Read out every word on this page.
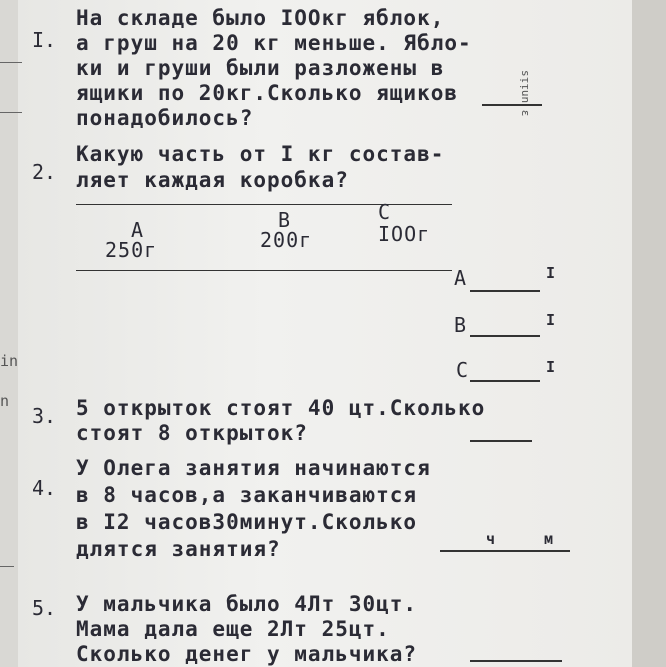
in
n
I.
На складе было IOOкг яблок,
а груш на 20 кг меньше. Ябло-
ки и груши были разложены в
ящики по 20кг.Сколько ящиков
понадобилось?
sᴉᴉun ɛ
2.
Какую часть от I кг состав-
ляет каждая коробка?
A
250г
B
200г
C
IOOг
A	I
B	I
C	I
3. 5 открыток стоят 40 цт.Сколько
стоят 8 открыток?
4.
У Олега занятия начинаются
в 8 часов,а заканчиваются
в I2 часов30минут.Сколько
длятся занятия?	ч	м
5. У мальчика было 4Лт 30цт.
Мама дала еще 2Лт 25цт.
Сколько денег у мальчика?
